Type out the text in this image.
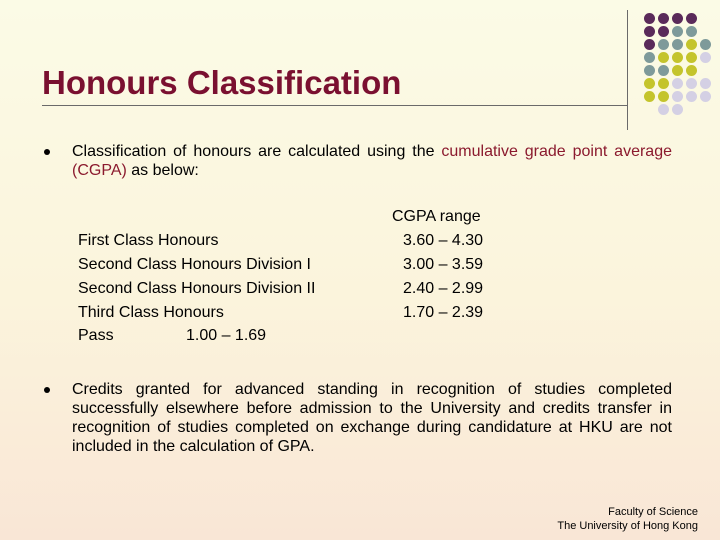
Honours Classification

Classification of honours are calculated using the cumulative grade point average (CGPA) as below:

CGPA range
First Class Honours	3.60 – 4.30
Second Class Honours Division I	3.00 – 3.59
Second Class Honours Division II	2.40 – 2.99
Third Class Honours	1.70 – 2.39
Pass	1.00 – 1.69

Credits granted for advanced standing in recognition of studies completed successfully elsewhere before admission to the University and credits transfer in recognition of studies completed on exchange during candidature at HKU are not included in the calculation of GPA.

Faculty of Science
The University of Hong Kong
